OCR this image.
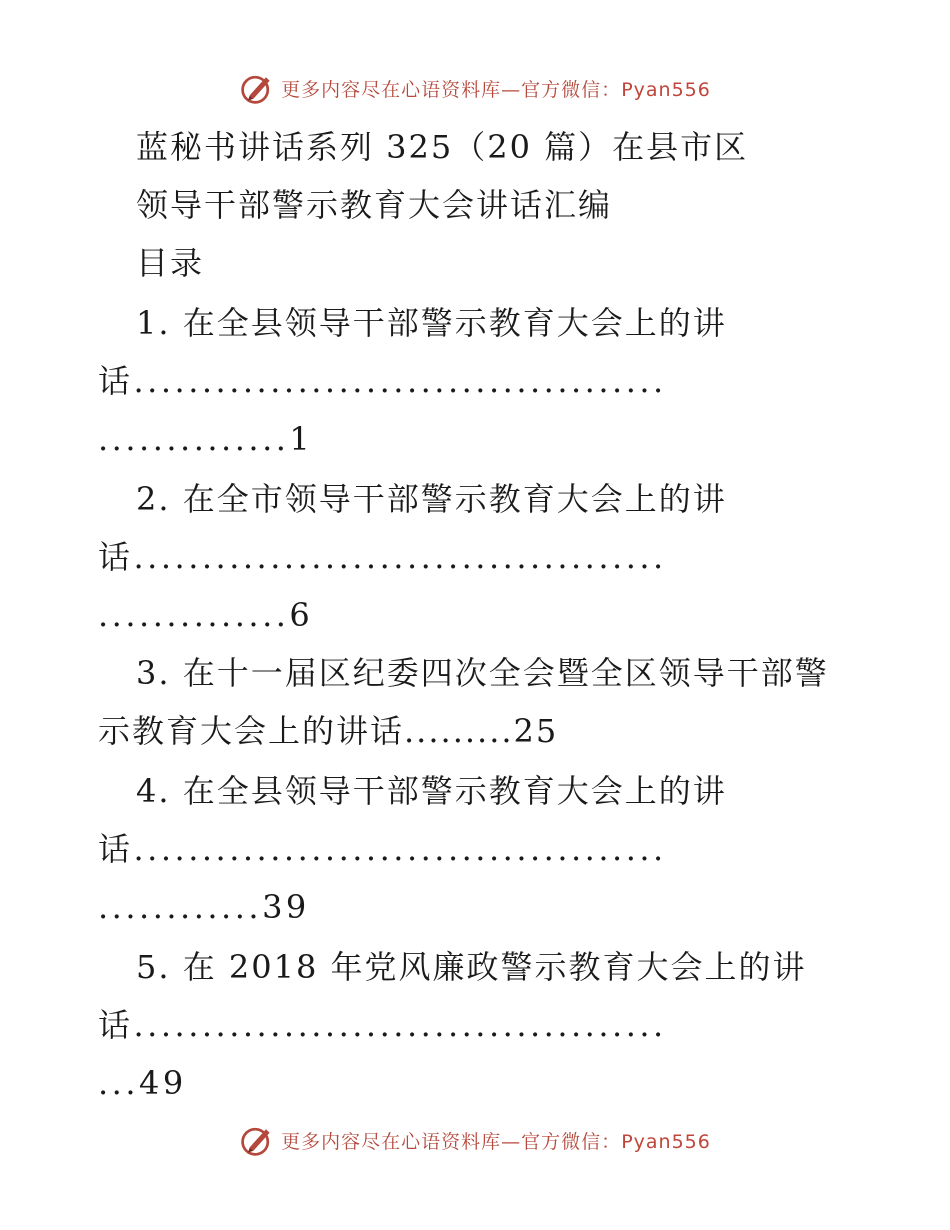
更多内容尽在心语资料库—官方微信：Pyan556
蓝秘书讲话系列 325（20 篇）在县市区
领导干部警示教育大会讲话汇编
目录
1. 在全县领导干部警示教育大会上的讲
话.......................................
..............1
2. 在全市领导干部警示教育大会上的讲
话.......................................
..............6
3. 在十一届区纪委四次全会暨全区领导干部警
示教育大会上的讲话.........25
4. 在全县领导干部警示教育大会上的讲
话.......................................
............39
5. 在 2018 年党风廉政警示教育大会上的讲
话.......................................
...49
更多内容尽在心语资料库—官方微信：Pyan556
